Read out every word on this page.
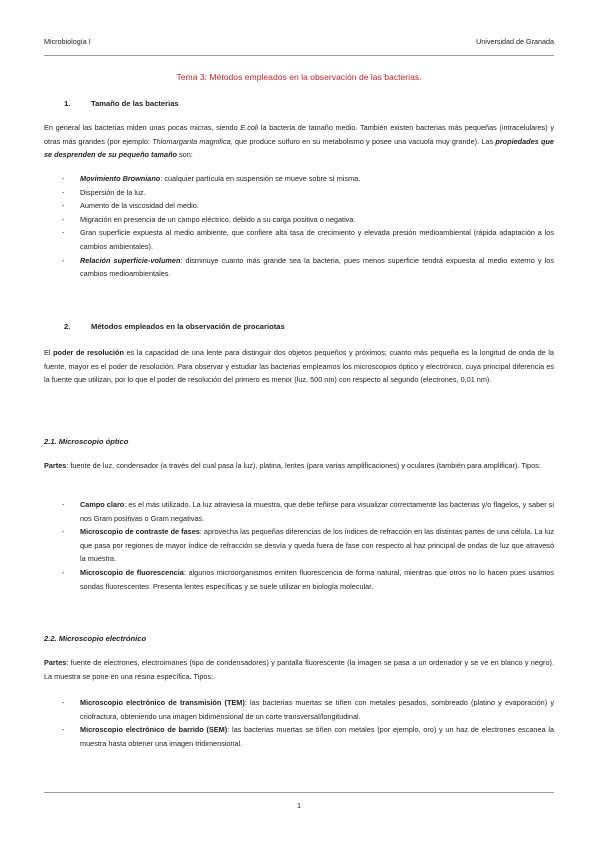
Microbiología I	Universidad de Granada
Tema 3: Métodos empleados en la observación de las bacterias.
1.	Tamaño de las bacterias
En general las bacterias miden unas pocas micras, siendo E.coli la bacteria de tamaño medio. También existen bacterias más pequeñas (intracelulares) y otras más grandes (por ejemplo: Thiomargarita magnifica, que produce sulfuro en su metabolismo y posee una vacuola muy grande). Las propiedades que se desprenden de su pequeño tamaño son:
- Movimiento Browniano: cualquier partícula en suspensión se mueve sobre sí misma.
- Dispersión de la luz.
- Aumento de la viscosidad del medio.
- Migración en presencia de un campo eléctrico, debido a su carga positiva o negativa.
- Gran superficie expuesta al medio ambiente, que confiere alta tasa de crecimiento y elevada presión medioambiental (rápida adaptación a los cambios ambientales).
- Relación superficie-volumen: disminuye cuanto más grande sea la bacteria, pues menos superficie tendrá expuesta al medio externo y los cambios medioambientales.
2.	Métodos empleados en la observación de procariotas
El poder de resolución es la capacidad de una lente para distinguir dos objetos pequeños y próximos; cuanto más pequeña es la longitud de onda de la fuente, mayor es el poder de resolución. Para observar y estudiar las bacterias empleamos los microscopios óptico y electrónico, cuya principal diferencia es la fuente que utilizan, por lo que el poder de resolución del primero es menor (luz, 500 nm) con respecto al segundo (electrones, 0,01 nm).
2.1. Microscopio óptico
Partes: fuente de luz, condensador (a través del cual pasa la luz), platina, lentes (para varias amplificaciones) y oculares (también para amplificar). Tipos:
- Campo claro: es el más utilizado. La luz atraviesa la muestra, que debe teñirse para visualizar correctamente las bacterias y/o flagelos, y saber si nos Gram positivas o Gram negativas.
- Microscopio de contraste de fases: aprovecha las pequeñas diferencias de los índices de refracción en las distintas partes de una célula. La luz que pasa por regiones de mayor índice de refracción se desvía y queda fuera de fase con respecto al haz principal de ondas de luz que atravesó la muestra.
- Microscopio de fluorescencia: algunos microorganismos emiten fluorescencia de forma natural, mientras que otros no lo hacen pues usamos sondas fluorescentes. Presenta lentes específicas y se suele utilizar en biología molecular.
2.2. Microscopio electrónico
Partes: fuente de electrones, electroimanes (tipo de condensadores) y pantalla fluorescente (la imagen se pasa a un ordenador y se ve en blanco y negro). La muestra se pone en una resina específica. Tipos:
- Microscopio electrónico de transmisión (TEM): las bacterias muertas se tiñen con metales pesados, sombreado (platino y evaporación) y criofractura, obteniendo una imagen bidimensional de un corte transversal/longitudinal.
- Microscopio electrónico de barrido (SEM): las bacterias muertas se tiñen con metales (por ejemplo, oro) y un haz de electrones escanea la muestra hasta obtener una imagen tridimensional.
1
